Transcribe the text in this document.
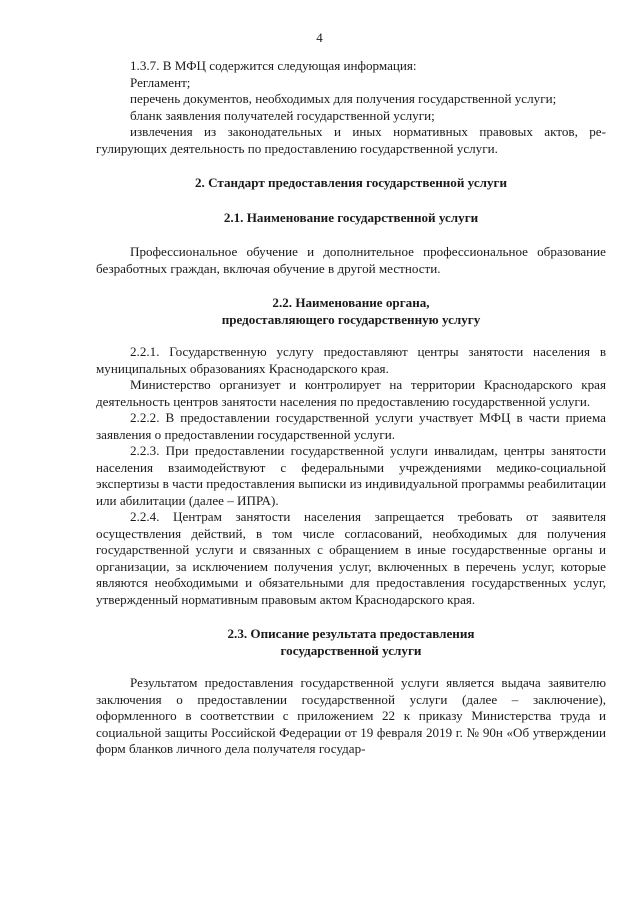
4

1.3.7. В МФЦ содержится следующая информация:

Регламент;

перечень документов, необходимых для получения государственной услуги;

бланк заявления получателей государственной услуги;

извлечения из законодательных и иных нормативных правовых актов, регулирующих деятельность по предоставлению государственной услуги.

2. Стандарт предоставления государственной услуги

2.1. Наименование государственной услуги

Профессиональное обучение и дополнительное профессиональное образование безработных граждан, включая обучение в другой местности.

2.2. Наименование органа,

предоставляющего государственную услугу

2.2.1. Государственную услугу предоставляют центры занятости населения в муниципальных образованиях Краснодарского края.

Министерство организует и контролирует на территории Краснодарского края деятельность центров занятости населения по предоставлению государственной услуги.

2.2.2. В предоставлении государственной услуги участвует МФЦ в части приема заявления о предоставлении государственной услуги.

2.2.3. При предоставлении государственной услуги инвалидам, центры занятости населения взаимодействуют с федеральными учреждениями медико-социальной экспертизы в части предоставления выписки из индивидуальной программы реабилитации или абилитации (далее – ИПРА).

2.2.4. Центрам занятости населения запрещается требовать от заявителя осуществления действий, в том числе согласований, необходимых для получения государственной услуги и связанных с обращением в иные государственные органы и организации, за исключением получения услуг, включенных в перечень услуг, которые являются необходимыми и обязательными для предоставления государственных услуг, утвержденный нормативным правовым актом Краснодарского края.

2.3. Описание результата предоставления

государственной услуги

Результатом предоставления государственной услуги является выдача заявителю заключения о предоставлении государственной услуги (далее – заключение), оформленного в соответствии с приложением 22 к приказу Министерства труда и социальной защиты Российской Федерации от 19 февраля 2019 г. № 90н «Об утверждении форм бланков личного дела получателя государ-
